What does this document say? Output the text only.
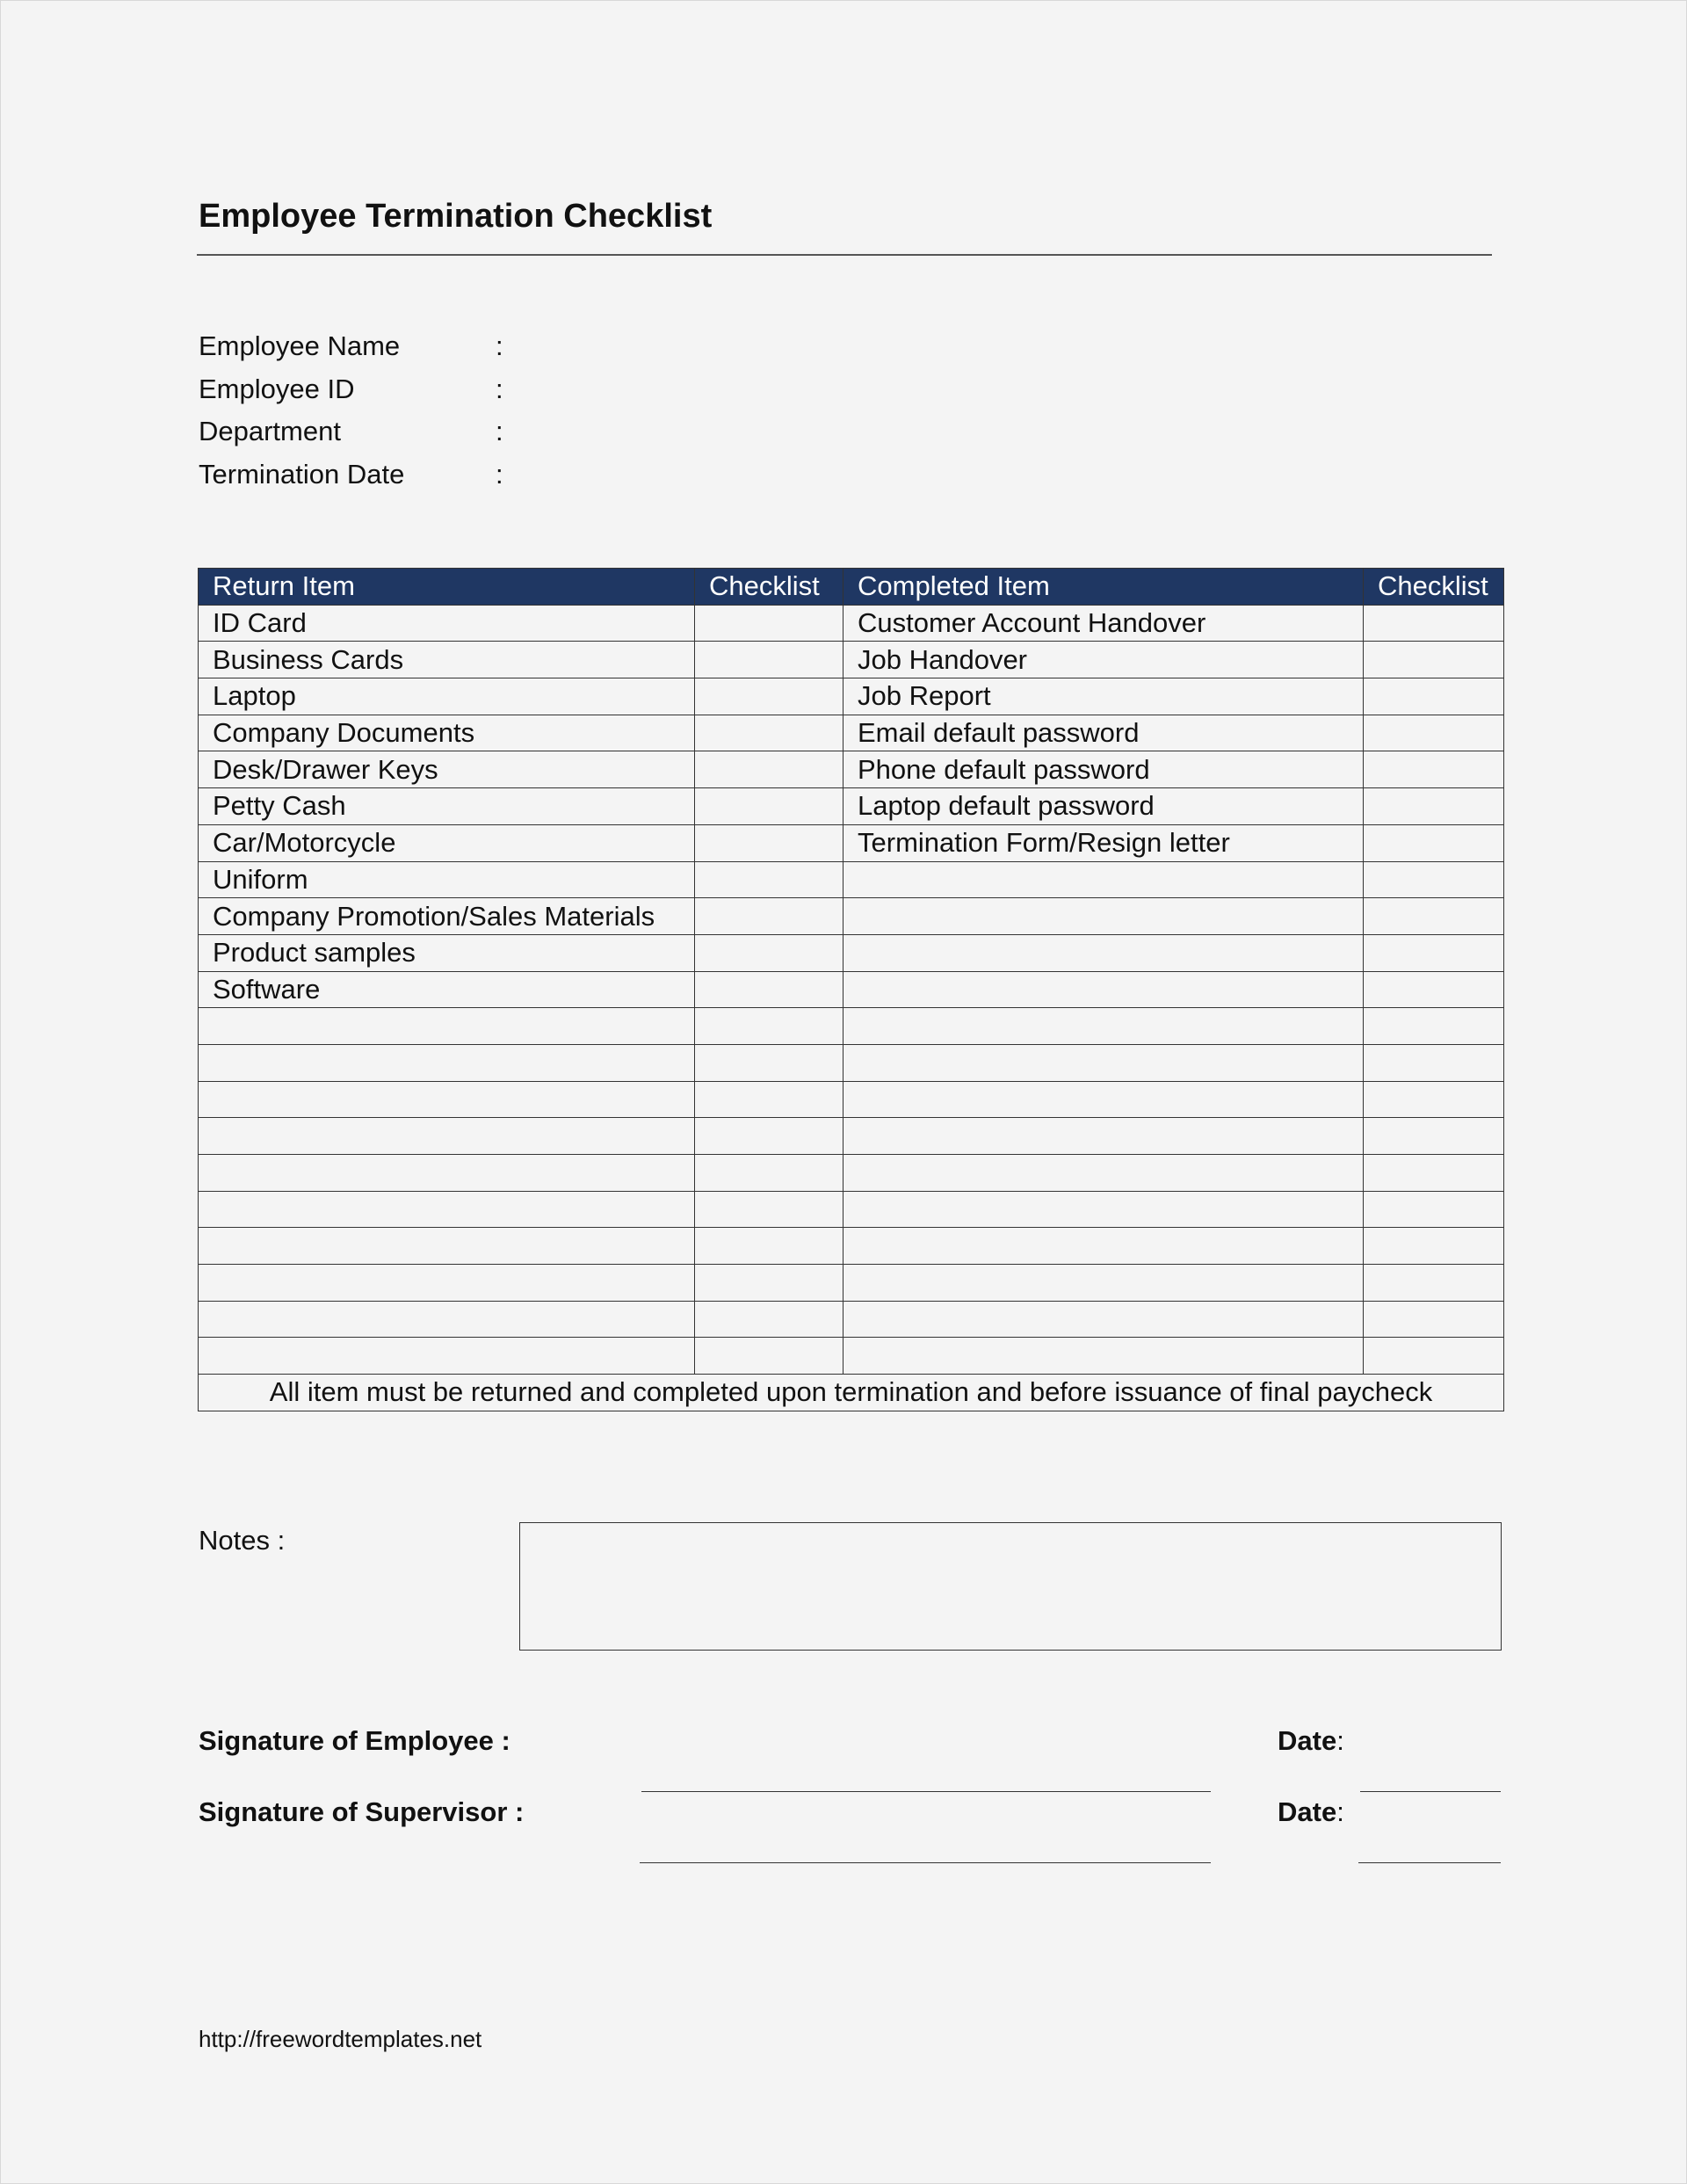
Employee Termination Checklist
Employee Name	:
Employee ID	:
Department	:
Termination Date	:
Return Item	Checklist	Completed Item	Checklist
ID Card		Customer Account Handover	
Business Cards		Job Handover	
Laptop		Job Report	
Company Documents		Email default password	
Desk/Drawer Keys		Phone default password	
Petty Cash		Laptop default password	
Car/Motorcycle		Termination Form/Resign letter	
Uniform			
Company Promotion/Sales Materials			
Product samples			
Software			

All item must be returned and completed upon termination and before issuance of final paycheck			
Notes :
Signature of Employee :	Date:
Signature of Supervisor :	Date:
http://freewordtemplates.net
